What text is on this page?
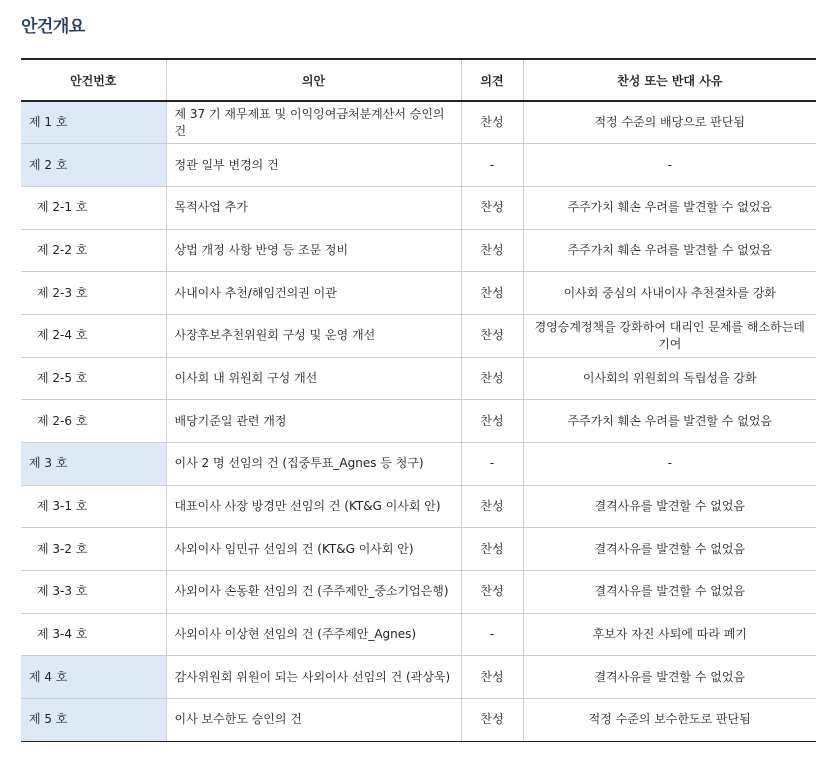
안건개요
안건번호	의안	의견	찬성 또는 반대 사유
제 1 호	제 37 기 재무제표 및 이익잉여금처분계산서 승인의 건	찬성	적정 수준의 배당으로 판단됨
제 2 호	정관 일부 변경의 건	-	-
제 2-1 호	목적사업 추가	찬성	주주가치 훼손 우려를 발견할 수 없었음
제 2-2 호	상법 개정 사항 반영 등 조문 정비	찬성	주주가치 훼손 우려를 발견할 수 없었음
제 2-3 호	사내이사 추천/해임건의권 이관	찬성	이사회 중심의 사내이사 추천절차를 강화
제 2-4 호	사장후보추천위원회 구성 및 운영 개선	찬성	경영승계정책을 강화하여 대리인 문제를 해소하는데 기여
제 2-5 호	이사회 내 위원회 구성 개선	찬성	이사회의 위원회의 독립성을 강화
제 2-6 호	배당기준일 관련 개정	찬성	주주가치 훼손 우려를 발견할 수 없었음
제 3 호	이사 2 명 선임의 건 (집중투표_Agnes 등 청구)	-	-
제 3-1 호	대표이사 사장 방경만 선임의 건 (KT&G 이사회 안)	찬성	결격사유를 발견할 수 없었음
제 3-2 호	사외이사 임민규 선임의 건 (KT&G 이사회 안)	찬성	결격사유를 발견할 수 없었음
제 3-3 호	사외이사 손동환 선임의 건 (주주제안_중소기업은행)	찬성	결격사유를 발견할 수 없었음
제 3-4 호	사외이사 이상현 선임의 건 (주주제안_Agnes)	-	후보자 자진 사퇴에 따라 폐기
제 4 호	감사위원회 위원이 되는 사외이사 선임의 건 (곽상욱)	찬성	결격사유를 발견할 수 없었음
제 5 호	이사 보수한도 승인의 건	찬성	적정 수준의 보수한도로 판단됨
